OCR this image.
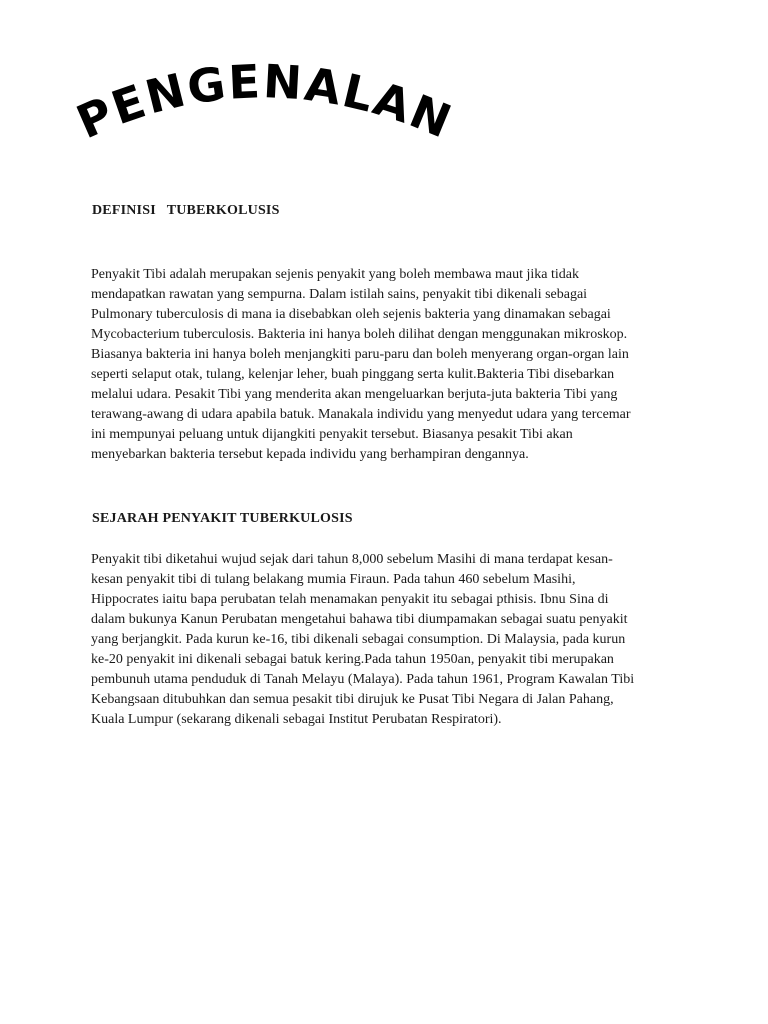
PENGENALAN

DEFINISI   TUBERKOLUSIS

Penyakit Tibi adalah merupakan sejenis penyakit yang boleh membawa maut jika tidak
mendapatkan rawatan yang sempurna. Dalam istilah sains, penyakit tibi dikenali sebagai
Pulmonary tuberculosis di mana ia disebabkan oleh sejenis bakteria yang dinamakan sebagai
Mycobacterium tuberculosis. Bakteria ini hanya boleh dilihat dengan menggunakan mikroskop.
Biasanya bakteria ini hanya boleh menjangkiti paru-paru dan boleh menyerang organ-organ lain
seperti selaput otak, tulang, kelenjar leher, buah pinggang serta kulit.Bakteria Tibi disebarkan
melalui udara. Pesakit Tibi yang menderita akan mengeluarkan berjuta-juta bakteria Tibi yang
terawang-awang di udara apabila batuk. Manakala individu yang menyedut udara yang tercemar
ini mempunyai peluang untuk dijangkiti penyakit tersebut. Biasanya pesakit Tibi akan
menyebarkan bakteria tersebut kepada individu yang berhampiran dengannya.

SEJARAH PENYAKIT TUBERKULOSIS

Penyakit tibi diketahui wujud sejak dari tahun 8,000 sebelum Masihi di mana terdapat kesan-
kesan penyakit tibi di tulang belakang mumia Firaun. Pada tahun 460 sebelum Masihi,
Hippocrates iaitu bapa perubatan telah menamakan penyakit itu sebagai pthisis. Ibnu Sina di
dalam bukunya Kanun Perubatan mengetahui bahawa tibi diumpamakan sebagai suatu penyakit
yang berjangkit. Pada kurun ke-16, tibi dikenali sebagai consumption. Di Malaysia, pada kurun
ke-20 penyakit ini dikenali sebagai batuk kering.Pada tahun 1950an, penyakit tibi merupakan
pembunuh utama penduduk di Tanah Melayu (Malaya). Pada tahun 1961, Program Kawalan Tibi
Kebangsaan ditubuhkan dan semua pesakit tibi dirujuk ke Pusat Tibi Negara di Jalan Pahang,
Kuala Lumpur (sekarang dikenali sebagai Institut Perubatan Respiratori).
